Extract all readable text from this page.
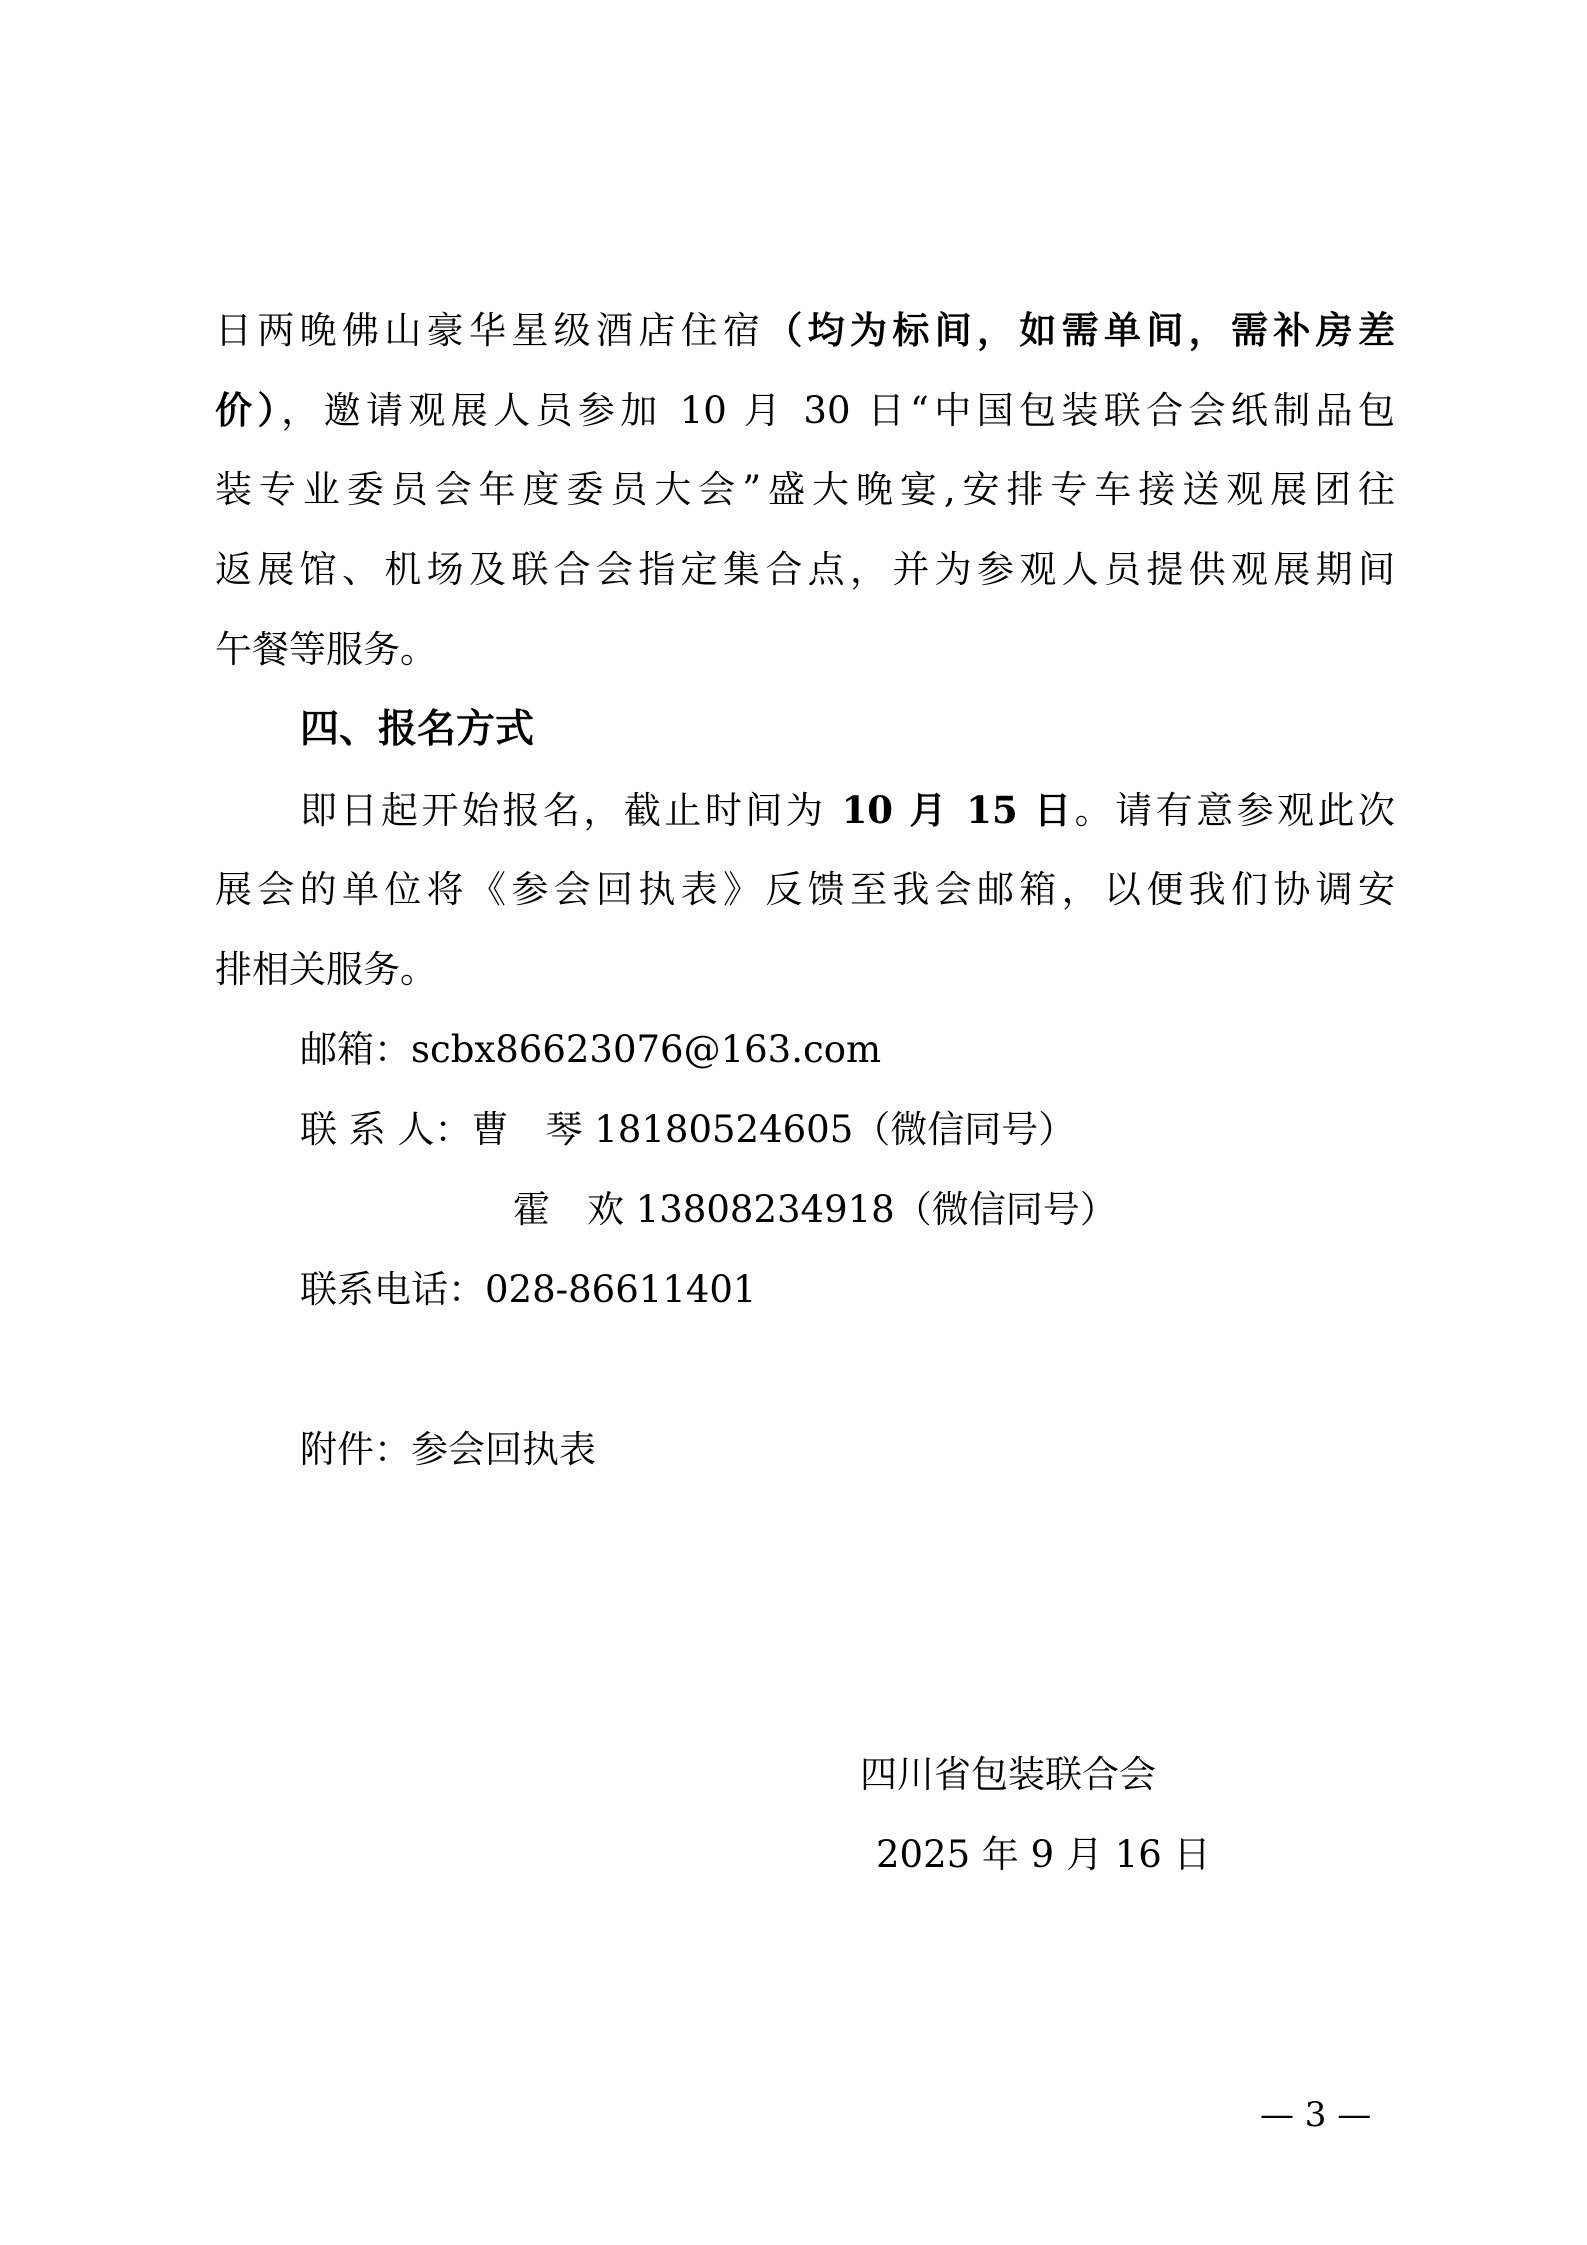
日两晚佛山豪华星级酒店住宿（均为标间，如需单间，需补房差
价），邀请观展人员参加 10 月 30 日“中国包装联合会纸制品包
装专业委员会年度委员大会”盛大晚宴,安排专车接送观展团往
返展馆、机场及联合会指定集合点，并为参观人员提供观展期间
午餐等服务。
四、报名方式
即日起开始报名，截止时间为 10 月 15 日。请有意参观此次
展会的单位将《参会回执表》反馈至我会邮箱，以便我们协调安
排相关服务。
邮箱：scbx86623076@163.com
联 系 人：曹　琴 18180524605（微信同号）
霍　欢 13808234918（微信同号）
联系电话：028-86611401
附件：参会回执表
四川省包装联合会
2025 年 9 月 16 日
— 3 —
